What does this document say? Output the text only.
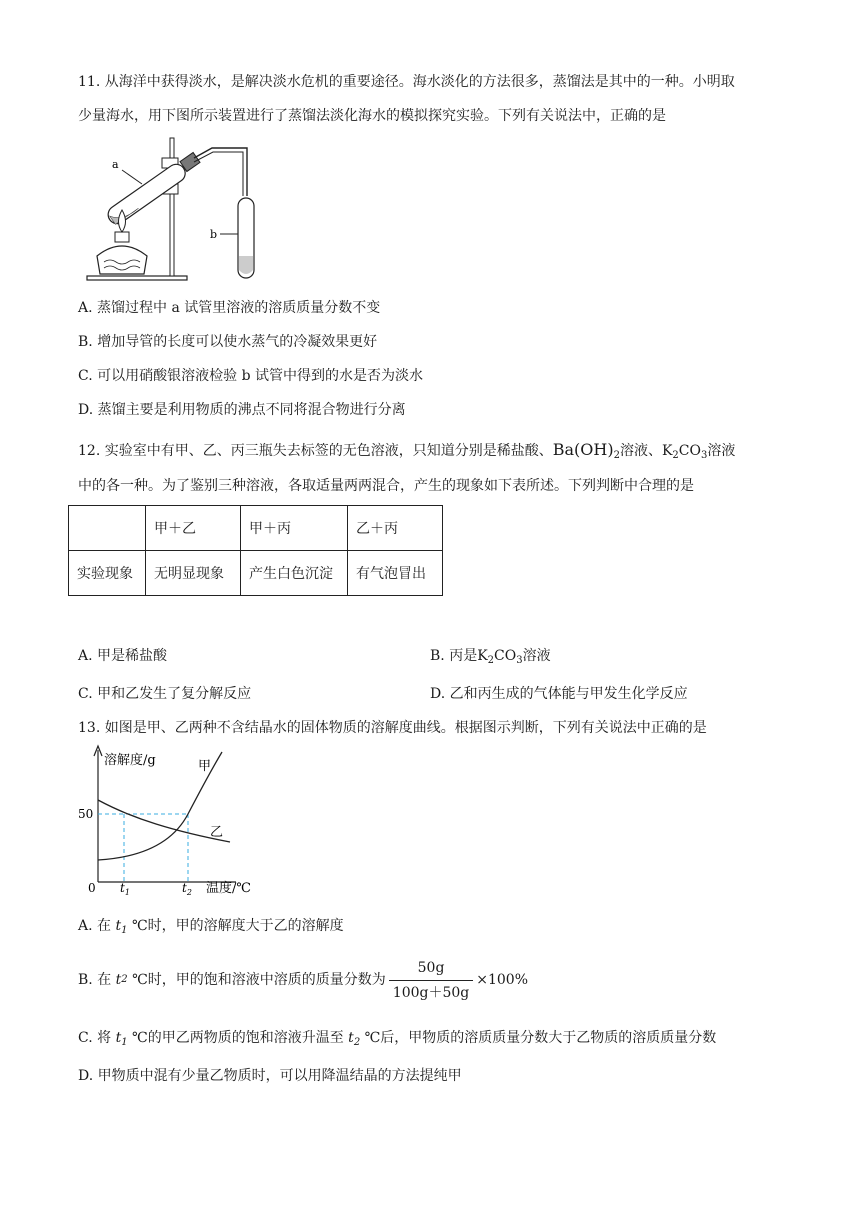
11. 从海洋中获得淡水，是解决淡水危机的重要途径。海水淡化的方法很多，蒸馏法是其中的一种。小明取
少量海水，用下图所示装置进行了蒸馏法淡化海水的模拟探究实验。下列有关说法中，正确的是
a
b
A. 蒸馏过程中 a 试管里溶液的溶质质量分数不变
B. 增加导管的长度可以使水蒸气的冷凝效果更好
C. 可以用硝酸银溶液检验 b 试管中得到的水是否为淡水
D. 蒸馏主要是利用物质的沸点不同将混合物进行分离
12. 实验室中有甲、乙、丙三瓶失去标签的无色溶液，只知道分别是稀盐酸、$Ba(OH)_2$溶液、$K_2CO_3$溶液
中的各一种。为了鉴别三种溶液，各取适量两两混合，产生的现象如下表所述。下列判断中合理的是
	甲＋乙	甲＋丙	乙＋丙
实验现象	无明显现象	产生白色沉淀	有气泡冒出
A. 甲是稀盐酸	B. 丙是$K_2CO_3$溶液
C. 甲和乙发生了复分解反应	D. 乙和丙生成的气体能与甲发生化学反应
13. 如图是甲、乙两种不含结晶水的固体物质的溶解度曲线。根据图示判断，下列有关说法中正确的是
溶解度/g
温度/℃
50
0 $t_1$	$t_2$
甲
乙
A. 在 $t_1$ ℃时，甲的溶解度大于乙的溶解度
B. 在
t 2
℃时，甲的饱和溶液中溶质的质量分数为 $\frac{50g}{100g+50g} \times 100\%$
C. 将 $t_1$ ℃的甲乙两物质的饱和溶液升温至 $t_2$ ℃后，甲物质的溶质质量分数大于乙物质的溶质质量分数
D. 甲物质中混有少量乙物质时，可以用降温结晶的方法提纯甲
